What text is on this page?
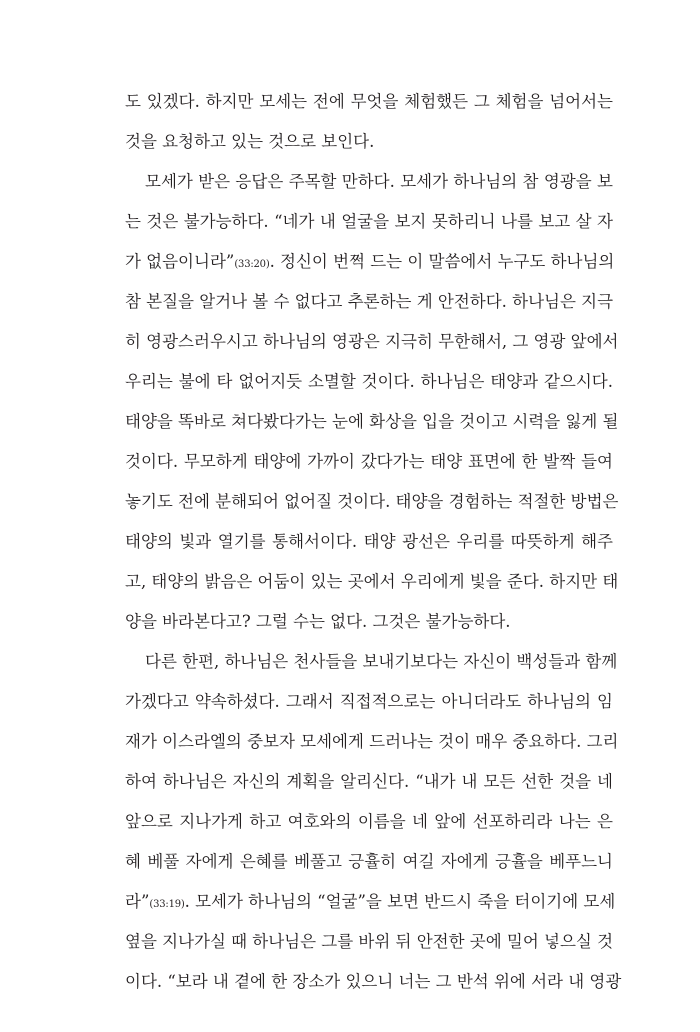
도 있겠다. 하지만 모세는 전에 무엇을 체험했든 그 체험을 넘어서는
것을 요청하고 있는 것으로 보인다.
모세가 받은 응답은 주목할 만하다. 모세가 하나님의 참 영광을 보
는 것은 불가능하다. “네가 내 얼굴을 보지 못하리니 나를 보고 살 자
가 없음이니라”(33:20). 정신이 번쩍 드는 이 말씀에서 누구도 하나님의
참 본질을 알거나 볼 수 없다고 추론하는 게 안전하다. 하나님은 지극
히 영광스러우시고 하나님의 영광은 지극히 무한해서, 그 영광 앞에서
우리는 불에 타 없어지듯 소멸할 것이다. 하나님은 태양과 같으시다.
태양을 똑바로 쳐다봤다가는 눈에 화상을 입을 것이고 시력을 잃게 될
것이다. 무모하게 태양에 가까이 갔다가는 태양 표면에 한 발짝 들여
놓기도 전에 분해되어 없어질 것이다. 태양을 경험하는 적절한 방법은
태양의 빛과 열기를 통해서이다. 태양 광선은 우리를 따뜻하게 해주
고, 태양의 밝음은 어둠이 있는 곳에서 우리에게 빛을 준다. 하지만 태
양을 바라본다고? 그럴 수는 없다. 그것은 불가능하다.
다른 한편, 하나님은 천사들을 보내기보다는 자신이 백성들과 함께
가겠다고 약속하셨다. 그래서 직접적으로는 아니더라도 하나님의 임
재가 이스라엘의 중보자 모세에게 드러나는 것이 매우 중요하다. 그리
하여 하나님은 자신의 계획을 알리신다. “내가 내 모든 선한 것을 네
앞으로 지나가게 하고 여호와의 이름을 네 앞에 선포하리라 나는 은
혜 베풀 자에게 은혜를 베풀고 긍휼히 여길 자에게 긍휼을 베푸느니
라”(33:19). 모세가 하나님의 “얼굴”을 보면 반드시 죽을 터이기에 모세
옆을 지나가실 때 하나님은 그를 바위 뒤 안전한 곳에 밀어 넣으실 것
이다. “보라 내 곁에 한 장소가 있으니 너는 그 반석 위에 서라 내 영광
